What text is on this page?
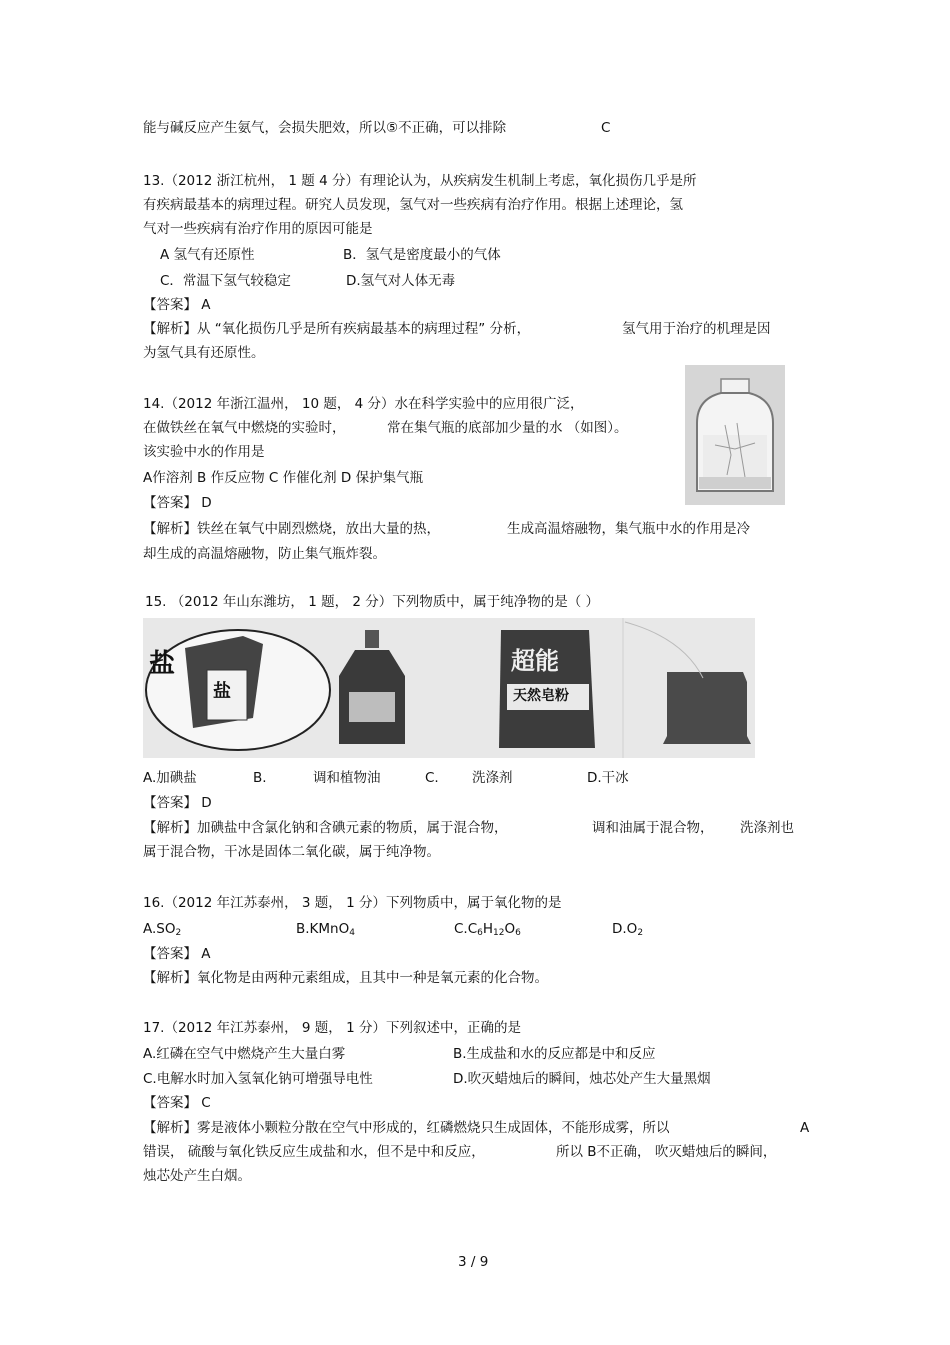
能与碱反应产生氨气，会损失肥效，所以⑤不正确，可以排除	C
13.（2012 浙江杭州， 1 题 4 分）有理论认为，从疾病发生机制上考虑，氧化损伤几乎是所
有疾病最基本的病理过程。研究人员发现，氢气对一些疾病有治疗作用。根据上述理论，氢
气对一些疾病有治疗作用的原因可能是
A 氢气有还原性	B．氢气是密度最小的气体
C．常温下氢气较稳定	D.氢气对人体无毒
【答案】 A
【解析】从 “氧化损伤几乎是所有疾病最基本的病理过程” 分析，	氢气用于治疗的机理是因
为氢气具有还原性。
14.（2012 年浙江温州， 10 题， 4 分）水在科学实验中的应用很广泛，
在做铁丝在氧气中燃烧的实验时，	常在集气瓶的底部加少量的水 （如图）。
该实验中水的作用是
A作溶剂 B 作反应物 C 作催化剂 D 保护集气瓶
【答案】 D
【解析】铁丝在氧气中剧烈燃烧，放出大量的热，	生成高温熔融物，集气瓶中水的作用是冷
却生成的高温熔融物，防止集气瓶炸裂。
15. （2012 年山东潍坊， 1 题， 2 分）下列物质中，属于纯净物的是（ ）
盐
盐
超能
天然皂粉
A.加碘盐	B.	调和植物油	C. 洗涤剂	D.干冰
【答案】 D
【解析】加碘盐中含氯化钠和含碘元素的物质，属于混合物，	调和油属于混合物， 洗涤剂也
属于混合物，干冰是固体二氧化碳，属于纯净物。
16.（2012 年江苏泰州， 3 题， 1 分）下列物质中，属于氧化物的是
$A.SO_2$	B.KMnO$_4$	$C.C_6H_{12}O_6$	$D.O_2$
【答案】 A
【解析】氧化物是由两种元素组成，且其中一种是氧元素的化合物。
17.（2012 年江苏泰州， 9 题， 1 分）下列叙述中，正确的是
A.红磷在空气中燃烧产生大量白雾	B.生成盐和水的反应都是中和反应
C.电解水时加入氢氧化钠可增强导电性	D.吹灭蜡烛后的瞬间，烛芯处产生大量黑烟
【答案】 C
【解析】雾是液体小颗粒分散在空气中形成的，红磷燃烧只生成固体，不能形成雾，所以	A
错误， 硫酸与氧化铁反应生成盐和水，但不是中和反应，	所以 B不正确， 吹灭蜡烛后的瞬间，
烛芯处产生白烟。
3 / 9
